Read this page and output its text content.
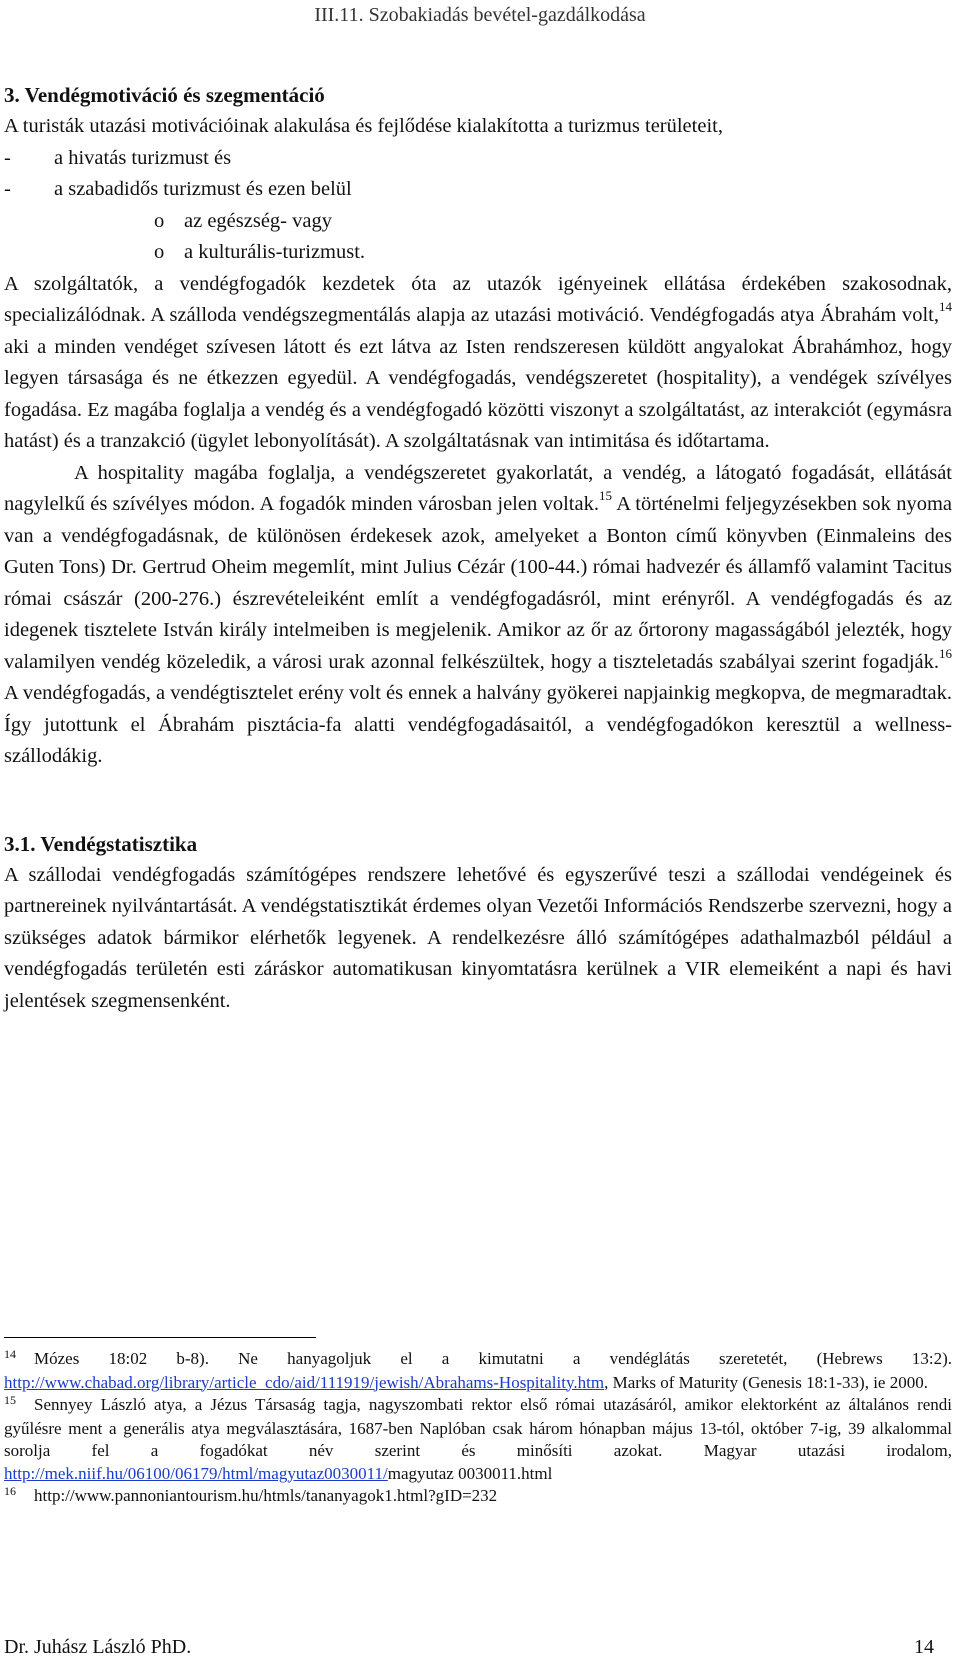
III.11. Szobakiadás bevétel-gazdálkodása
3. Vendégmotiváció és szegmentáció

A turisták utazási motivációinak alakulása és fejlődése kialakította a turizmus területeit,

- a hivatás turizmust és
- a szabadidős turizmust és ezen belül
o az egészség- vagy
o a kulturális-turizmust.

A szolgáltatók, a vendégfogadók kezdetek óta az utazók igényeinek ellátása érdekében szakosodnak, specializálódnak. A szálloda vendégszegmentálás alapja az utazási motiváció. Vendégfogadás atya Ábrahám volt,$^{14}$ aki a minden vendéget szívesen látott és ezt látva az Isten rendszeresen küldött angyalokat Ábrahámhoz, hogy legyen társasága és ne étkezzen egyedül. A vendégfogadás, vendégszeretet (hospitality), a vendégek szívélyes fogadása. Ez magába foglalja a vendég és a vendégfogadó közötti viszonyt a szolgáltatást, az interakciót (egymásra hatást) és a tranzakció (ügylet lebonyolítását). A szolgáltatásnak van intimitása és időtartama.

A hospitality magába foglalja, a vendégszeretet gyakorlatát, a vendég, a látogató fogadását, ellátását nagylelkű és szívélyes módon. A fogadók minden városban jelen voltak.$^{15}$ A történelmi feljegyzésekben sok nyoma van a vendégfogadásnak, de különösen érdekesek azok, amelyeket a Bonton című könyvben (Einmaleins des Guten Tons) Dr. Gertrud Oheim megemlít, mint Julius Cézár (100-44.) római hadvezér és államfő valamint Tacitus római császár (200-276.) észrevételeiként említ a vendégfogadásról, mint erényről. A vendégfogadás és az idegenek tisztelete István király intelmeiben is megjelenik. Amikor az őr az őrtorony magasságából jelezték, hogy valamilyen vendég közeledik, a városi urak azonnal felkészültek, hogy a tiszteletadás szabályai szerint fogadják.$^{16}$ A vendégfogadás, a vendégtisztelet erény volt és ennek a halvány gyökerei napjainkig megkopva, de megmaradtak. Így jutottunk el Ábrahám pisztácia-fa alatti vendégfogadásaitól, a vendégfogadókon keresztül a wellness-szállodákig.

3.1. Vendégstatisztika

A szállodai vendégfogadás számítógépes rendszere lehetővé és egyszerűvé teszi a szállodai vendégeinek és partnereinek nyilvántartását. A vendégstatisztikát érdemes olyan Vezetői Információs Rendszerbe szervezni, hogy a szükséges adatok bármikor elérhetők legyenek. A rendelkezésre álló számítógépes adathalmazból például a vendégfogadás területén esti záráskor automatikusan kinyomtatásra kerülnek a VIR elemeiként a napi és havi jelentések szegmensenként.

$^{14}$ Mózes 18:02 b-8). Ne hanyagoljuk el a kimutatni a vendéglátás szeretetét, (Hebrews 13:2). http://www.chabad.org/library/article_cdo/aid/111919/jewish/Abrahams-Hospitality.htm, Marks of Maturity (Genesis 18:1-33), ie 2000.

$^{15}$ Sennyey László atya, a Jézus Társaság tagja, nagyszombati rektor első római utazásáról, amikor elektorként az általános rendi gyűlésre ment a generális atya megválasztására, 1687-ben Naplóban csak három hónapban május 13-tól, október 7-ig, 39 alkalommal sorolja fel a fogadókat név szerint és minősíti azokat. Magyar utazási irodalom, http://mek.niif.hu/06100/06179/html/magyutaz0030011/magyutaz 0030011.html

$^{16}$ http://www.pannoniantourism.hu/htmls/tananyagok1.html?gID=232

Dr. Juhász László PhD.	14
